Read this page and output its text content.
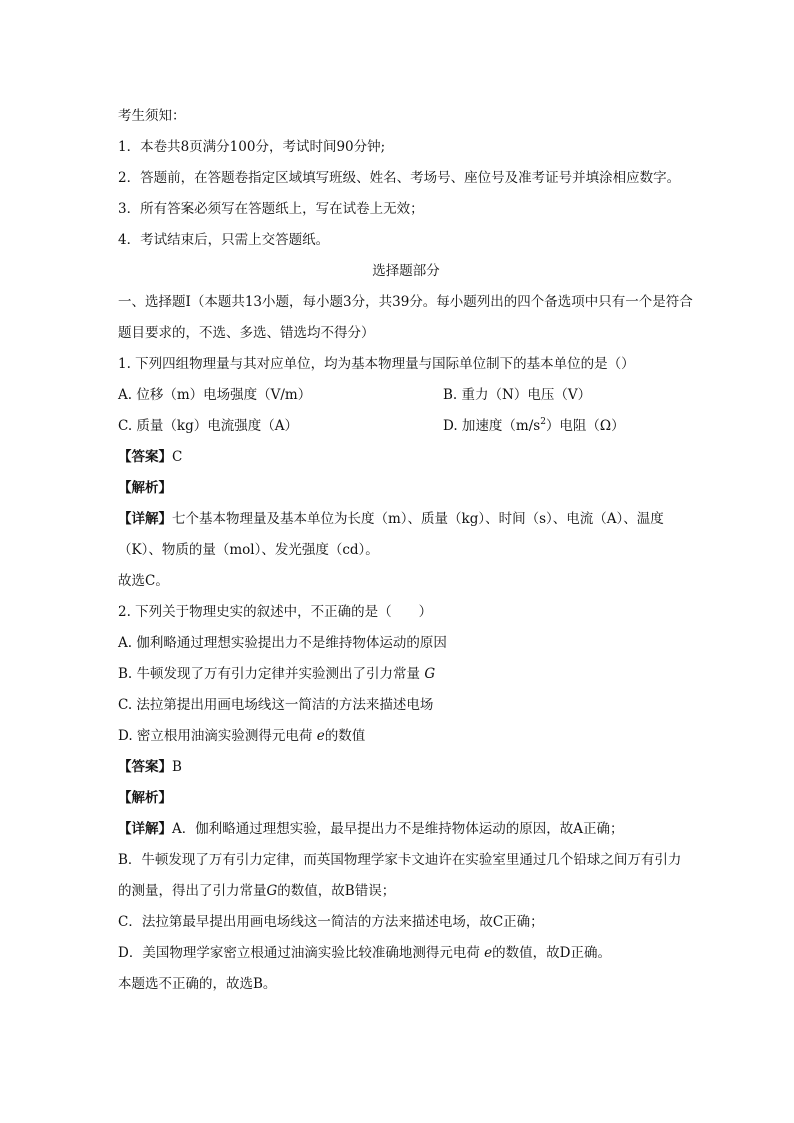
考生须知：
1．本卷共8页满分100分，考试时间90分钟;
2．答题前，在答题卷指定区域填写班级、姓名、考场号、座位号及准考证号并填涂相应数字。
3．所有答案必须写在答题纸上，写在试卷上无效；
4．考试结束后，只需上交答题纸。
选择题部分
一、选择题Ⅰ（本题共13小题，每小题3分，共39分。每小题列出的四个备选项中只有一个是符合题目要求的，不选、多选、错选均不得分）
1. 下列四组物理量与其对应单位，均为基本物理量与国际单位制下的基本单位的是（）
A. 位移（m）电场强度（V/m）	B. 重力（N）电压（V）
C. 质量（kg）电流强度（A）	D. 加速度$(m/s^2)$电阻（Ω）
【答案】C
【解析】
【详解】七个基本物理量及基本单位为长度（m）、质量（kg）、时间（s）、电流（A）、温度（K）、物质的量（mol）、发光强度（cd）。
故选C。
2. 下列关于物理史实的叙述中，不正确的是（　　）
A. 伽利略通过理想实验提出力不是维持物体运动的原因
B. 牛顿发现了万有引力定律并实验测出了引力常量 G
C. 法拉第提出用画电场线这一简洁的方法来描述电场
D. 密立根用油滴实验测得元电荷 e的数值
【答案】B
【解析】
【详解】A．伽利略通过理想实验，最早提出力不是维持物体运动的原因，故A正确；
B．牛顿发现了万有引力定律，而英国物理学家卡文迪许在实验室里通过几个铅球之间万有引力的测量，得出了引力常量G的数值，故B错误；
C．法拉第最早提出用画电场线这一简洁的方法来描述电场，故C正确；
D．美国物理学家密立根通过油滴实验比较准确地测得元电荷 e的数值，故D正确。
本题选不正确的，故选B。
